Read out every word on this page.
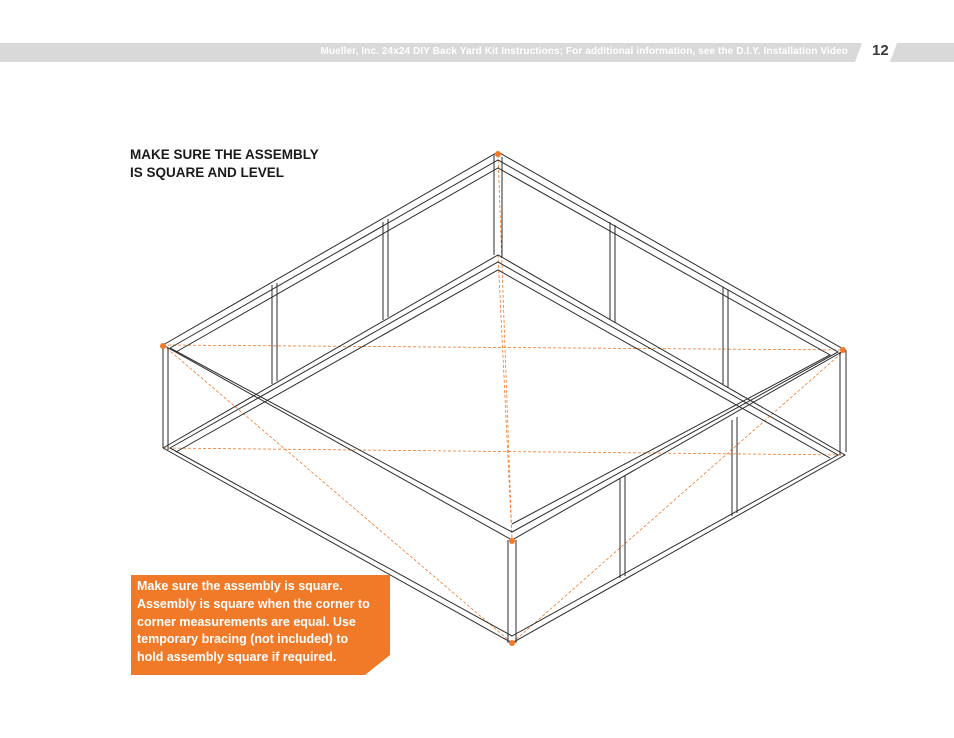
Mueller, Inc. 24x24 DIY Back Yard Kit Instructions; For additional information, see the D.I.Y. Installation Video 12
MAKE SURE THE ASSEMBLY
IS SQUARE AND LEVEL
Make sure the assembly is square.
Assembly is square when the corner to
corner measurements are equal. Use
temporary bracing (not included) to
hold assembly square if required.
